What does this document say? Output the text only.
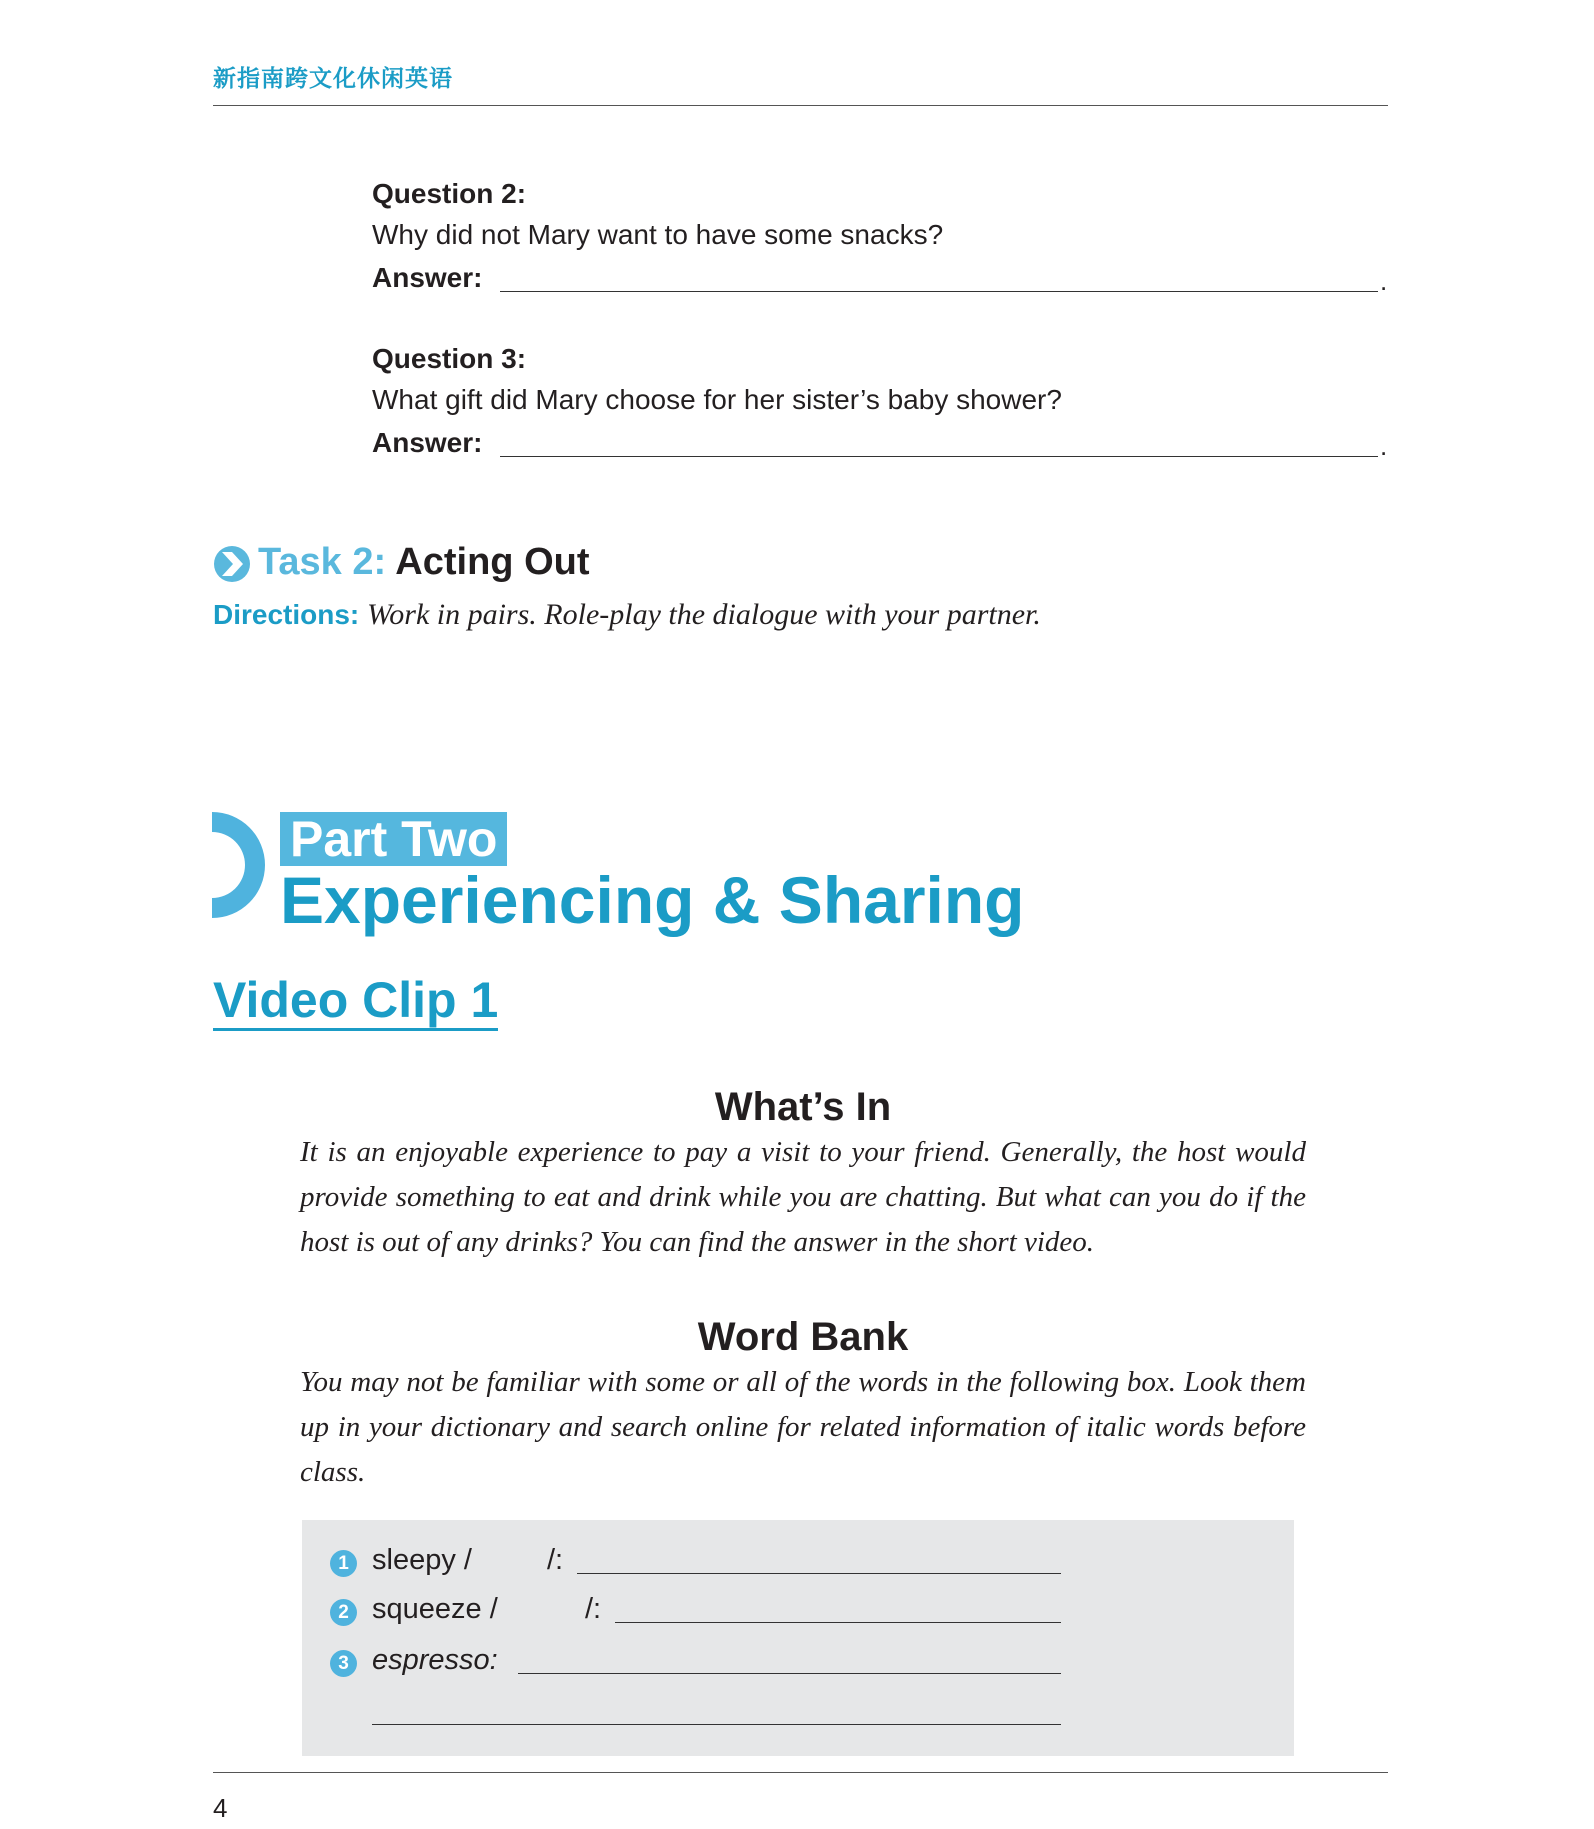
新指南跨文化休闲英语
Question 2:
Why did not Mary want to have some snacks?
Answer:	.
Question 3:
What gift did Mary choose for her sister’s baby shower?
Answer:	.
Task 2: Acting Out
Directions: Work in pairs. Role-play the dialogue with your partner.
Part Two
Experiencing & Sharing
Video Clip 1
What’s In
It is an enjoyable experience to pay a visit to your friend. Generally, the host would provide something to eat and drink while you are chatting. But what can you do if the host is out of any drinks? You can find the answer in the short video.
Word Bank
You may not be familiar with some or all of the words in the following box. Look them up in your dictionary and search online for related information of italic words before class.
1 sleepy /	/:
2 squeeze /	/:
3 espresso:
4
